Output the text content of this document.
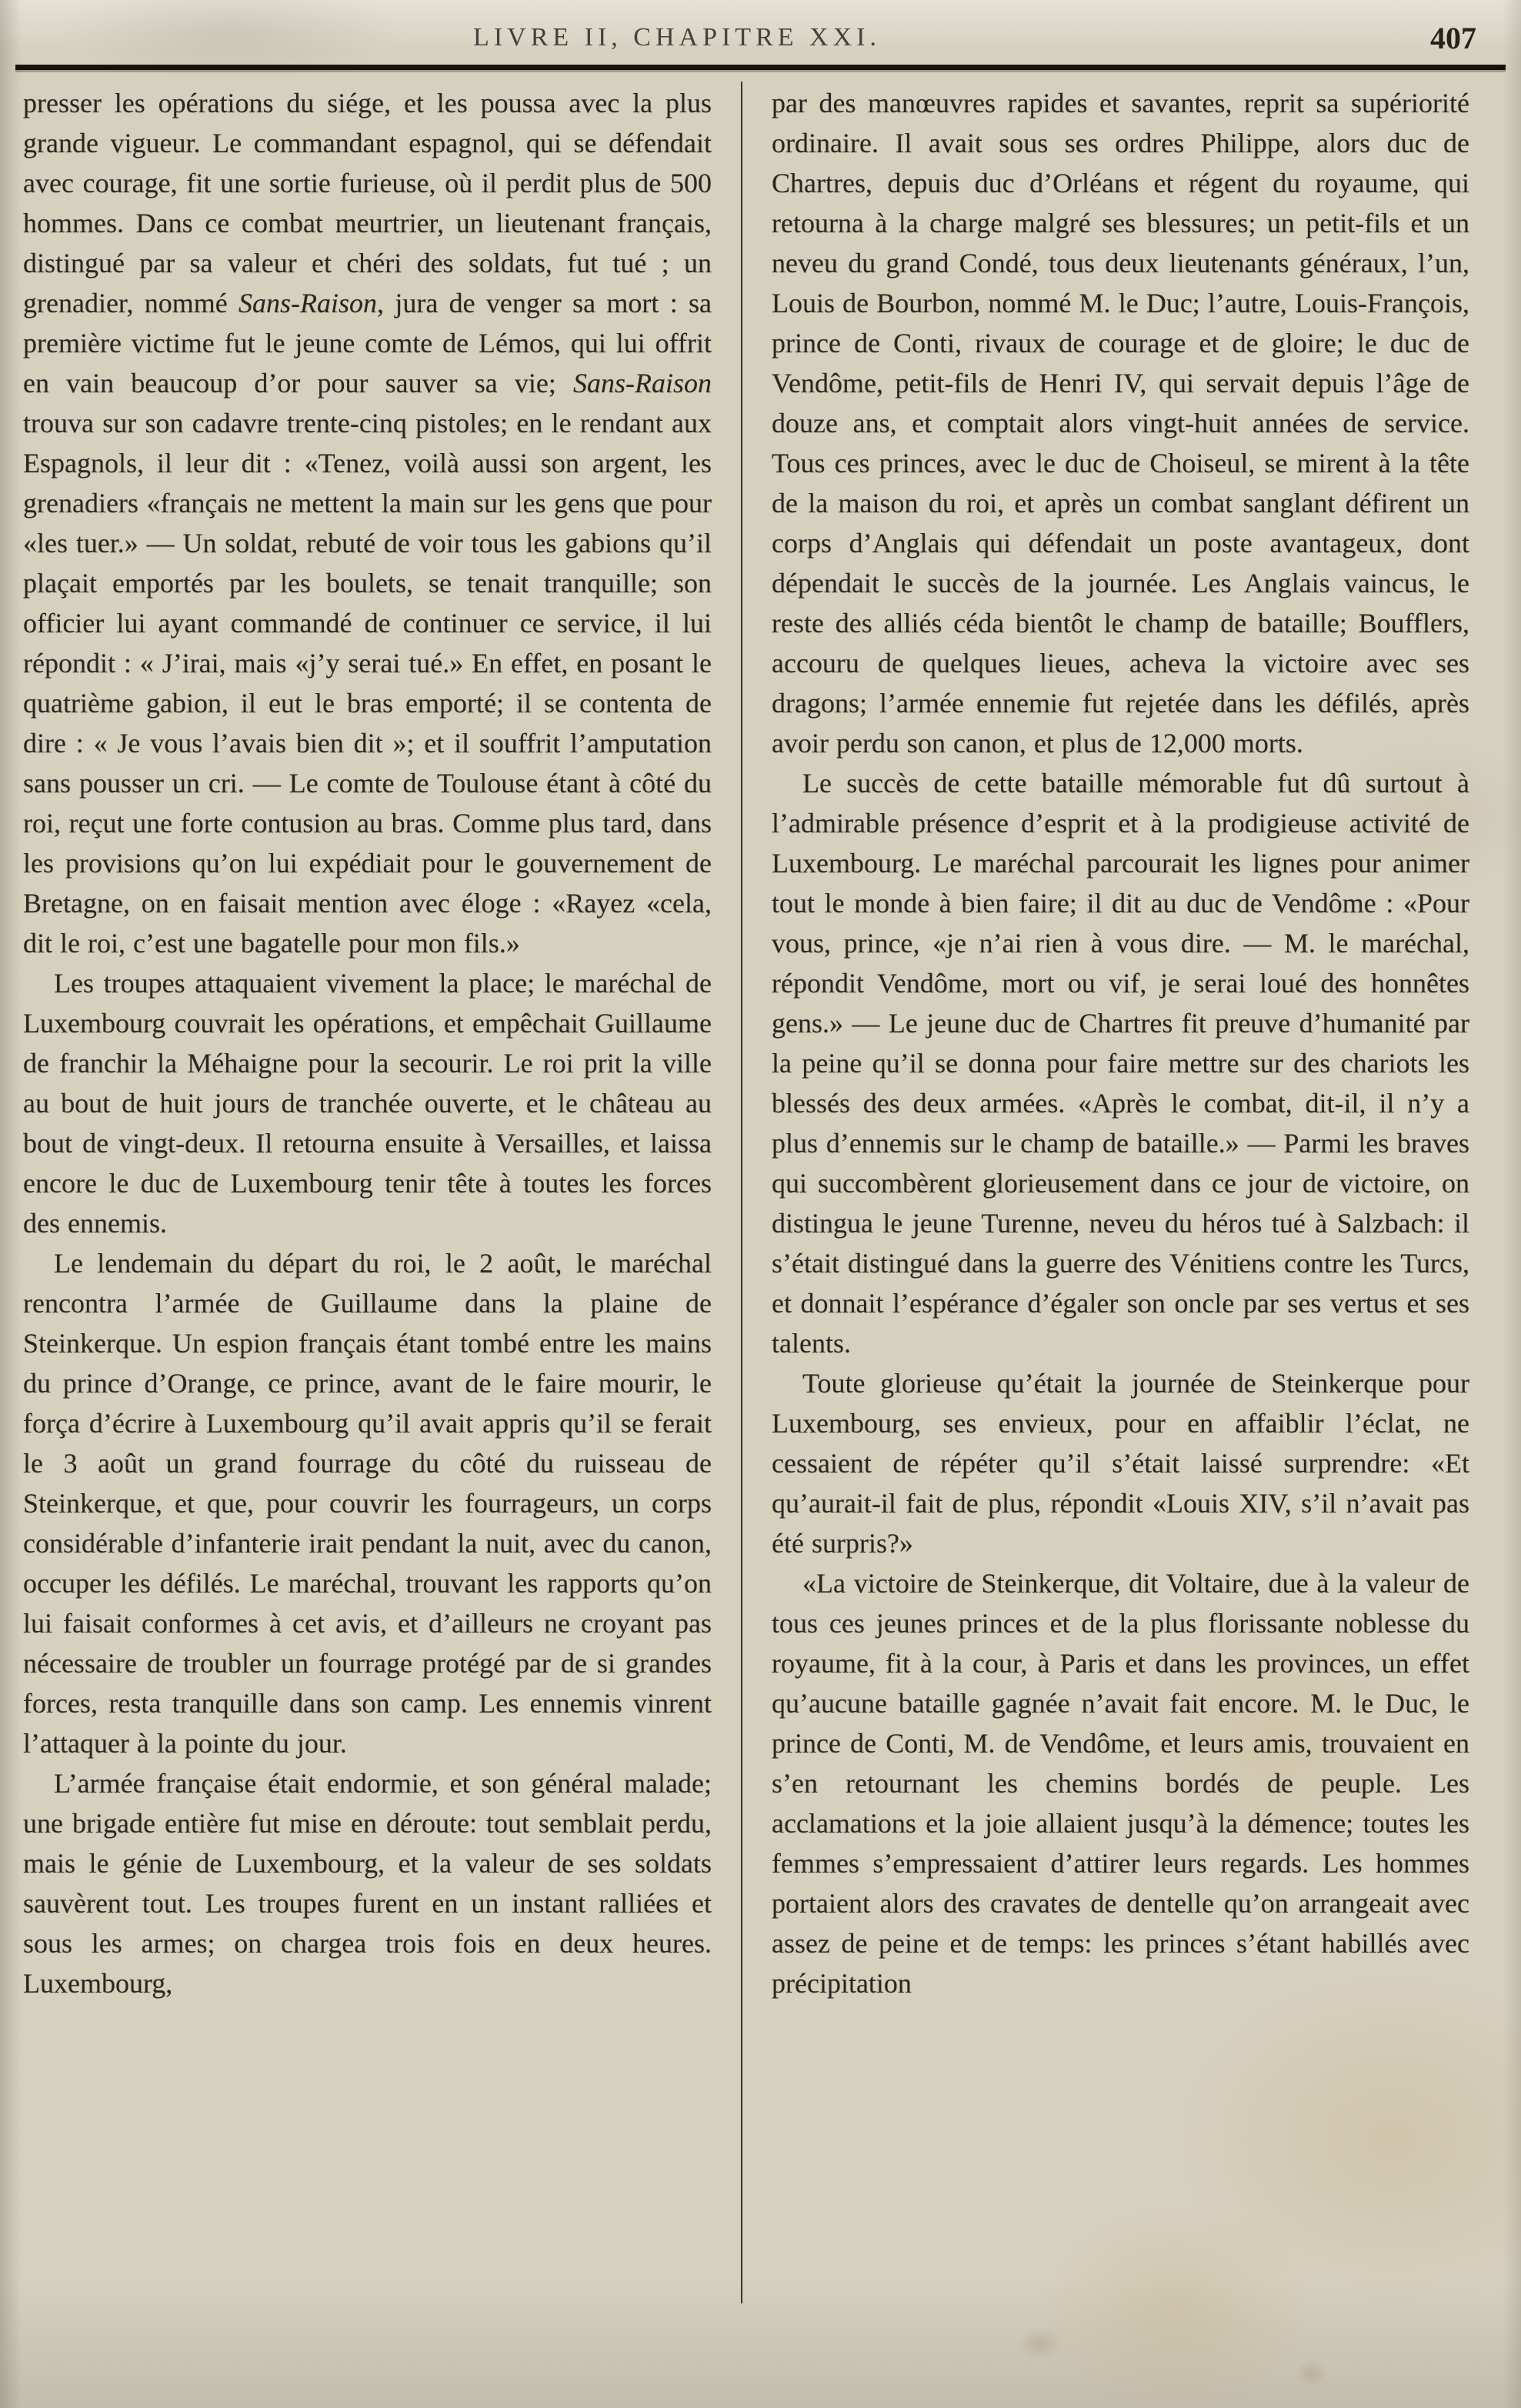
LIVRE II, CHAPITRE XXI.	407

presser les opérations du siége, et les poussa avec la plus grande vigueur. Le commandant espagnol, qui se défendait avec courage, fit une sortie furieuse, où il perdit plus de 500 hommes. Dans ce combat meurtrier, un lieutenant français, distingué par sa valeur et chéri des soldats, fut tué ; un grenadier, nommé Sans-Raison, jura de venger sa mort : sa première victime fut le jeune comte de Lémos, qui lui offrit en vain beaucoup d’or pour sauver sa vie; Sans-Raison trouva sur son cadavre trente-cinq pistoles; en le rendant aux Espagnols, il leur dit : «Tenez, voilà aussi son argent, les grenadiers «français ne mettent la main sur les gens que pour «les tuer.» — Un soldat, rebuté de voir tous les gabions qu’il plaçait emportés par les boulets, se tenait tranquille; son officier lui ayant commandé de continuer ce service, il lui répondit : « J’irai, mais «j’y serai tué.» En effet, en posant le quatrième gabion, il eut le bras emporté; il se contenta de dire : « Je vous l’avais bien dit »; et il souffrit l’amputation sans pousser un cri. — Le comte de Toulouse étant à côté du roi, reçut une forte contusion au bras. Comme plus tard, dans les provisions qu’on lui expédiait pour le gouvernement de Bretagne, on en faisait mention avec éloge : «Rayez «cela, dit le roi, c’est une bagatelle pour mon fils.»

Les troupes attaquaient vivement la place; le maréchal de Luxembourg couvrait les opérations, et empêchait Guillaume de franchir la Méhaigne pour la secourir. Le roi prit la ville au bout de huit jours de tranchée ouverte, et le château au bout de vingt-deux. Il retourna ensuite à Versailles, et laissa encore le duc de Luxembourg tenir tête à toutes les forces des ennemis.

Le lendemain du départ du roi, le 2 août, le maréchal rencontra l’armée de Guillaume dans la plaine de Steinkerque. Un espion français étant tombé entre les mains du prince d’Orange, ce prince, avant de le faire mourir, le força d’écrire à Luxembourg qu’il avait appris qu’il se ferait le 3 août un grand fourrage du côté du ruisseau de Steinkerque, et que, pour couvrir les fourrageurs, un corps considérable d’infanterie irait pendant la nuit, avec du canon, occuper les défilés. Le maréchal, trouvant les rapports qu’on lui faisait conformes à cet avis, et d’ailleurs ne croyant pas nécessaire de troubler un fourrage protégé par de si grandes forces, resta tranquille dans son camp. Les ennemis vinrent l’attaquer à la pointe du jour.

L’armée française était endormie, et son général malade; une brigade entière fut mise en déroute: tout semblait perdu, mais le génie de Luxembourg, et la valeur de ses soldats sauvèrent tout. Les troupes furent en un instant ralliées et sous les armes; on chargea trois fois en deux heures. Luxembourg,

par des manœuvres rapides et savantes, reprit sa supériorité ordinaire. Il avait sous ses ordres Philippe, alors duc de Chartres, depuis duc d’Orléans et régent du royaume, qui retourna à la charge malgré ses blessures; un petit-fils et un neveu du grand Condé, tous deux lieutenants généraux, l’un, Louis de Bourbon, nommé M. le Duc; l’autre, Louis-François, prince de Conti, rivaux de courage et de gloire; le duc de Vendôme, petit-fils de Henri IV, qui servait depuis l’âge de douze ans, et comptait alors vingt-huit années de service. Tous ces princes, avec le duc de Choiseul, se mirent à la tête de la maison du roi, et après un combat sanglant défirent un corps d’Anglais qui défendait un poste avantageux, dont dépendait le succès de la journée. Les Anglais vaincus, le reste des alliés céda bientôt le champ de bataille; Boufflers, accouru de quelques lieues, acheva la victoire avec ses dragons; l’armée ennemie fut rejetée dans les défilés, après avoir perdu son canon, et plus de 12,000 morts.

Le succès de cette bataille mémorable fut dû surtout à l’admirable présence d’esprit et à la prodigieuse activité de Luxembourg. Le maréchal parcourait les lignes pour animer tout le monde à bien faire; il dit au duc de Vendôme : «Pour vous, prince, «je n’ai rien à vous dire. — M. le maréchal, répondit Vendôme, mort ou vif, je serai loué des honnêtes gens.» — Le jeune duc de Chartres fit preuve d’humanité par la peine qu’il se donna pour faire mettre sur des chariots les blessés des deux armées. «Après le combat, dit-il, il n’y a plus d’ennemis sur le champ de bataille.» — Parmi les braves qui succombèrent glorieusement dans ce jour de victoire, on distingua le jeune Turenne, neveu du héros tué à Salzbach: il s’était distingué dans la guerre des Vénitiens contre les Turcs, et donnait l’espérance d’égaler son oncle par ses vertus et ses talents.

Toute glorieuse qu’était la journée de Steinkerque pour Luxembourg, ses envieux, pour en affaiblir l’éclat, ne cessaient de répéter qu’il s’était laissé surprendre: «Et qu’aurait-il fait de plus, répondit «Louis XIV, s’il n’avait pas été surpris?»

«La victoire de Steinkerque, dit Voltaire, due à la valeur de tous ces jeunes princes et de la plus florissante noblesse du royaume, fit à la cour, à Paris et dans les provinces, un effet qu’aucune bataille gagnée n’avait fait encore. M. le Duc, le prince de Conti, M. de Vendôme, et leurs amis, trouvaient en s’en retournant les chemins bordés de peuple. Les acclamations et la joie allaient jusqu’à la démence; toutes les femmes s’empressaient d’attirer leurs regards. Les hommes portaient alors des cravates de dentelle qu’on arrangeait avec assez de peine et de temps: les princes s’étant habillés avec précipitation
